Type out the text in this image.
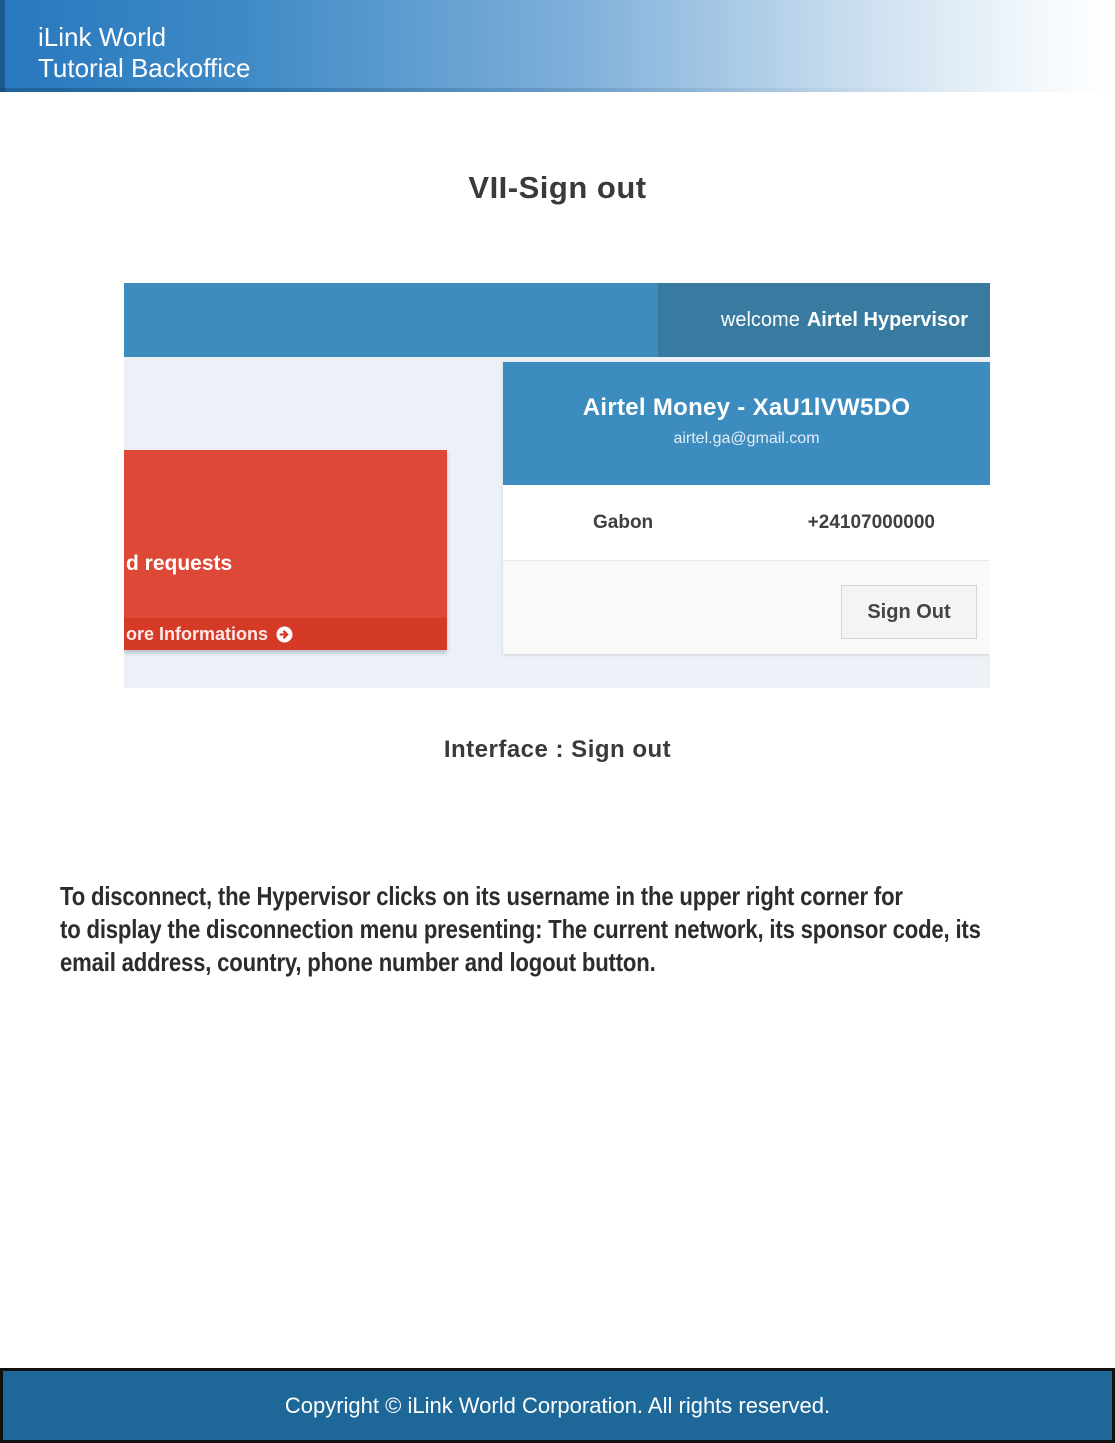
iLink World
Tutorial Backoffice
VII-Sign out
welcome Airtel Hypervisor
d requests
ore Informations
Airtel Money - XaU1lVW5DO
airtel.ga@gmail.com
Gabon	+24107000000
Sign Out
Interface : Sign out
To disconnect, the Hypervisor clicks on its username in the upper right corner for
to display the disconnection menu presenting: The current network, its sponsor code, its
email address, country, phone number and logout button.
Copyright © iLink World Corporation. All rights reserved.
